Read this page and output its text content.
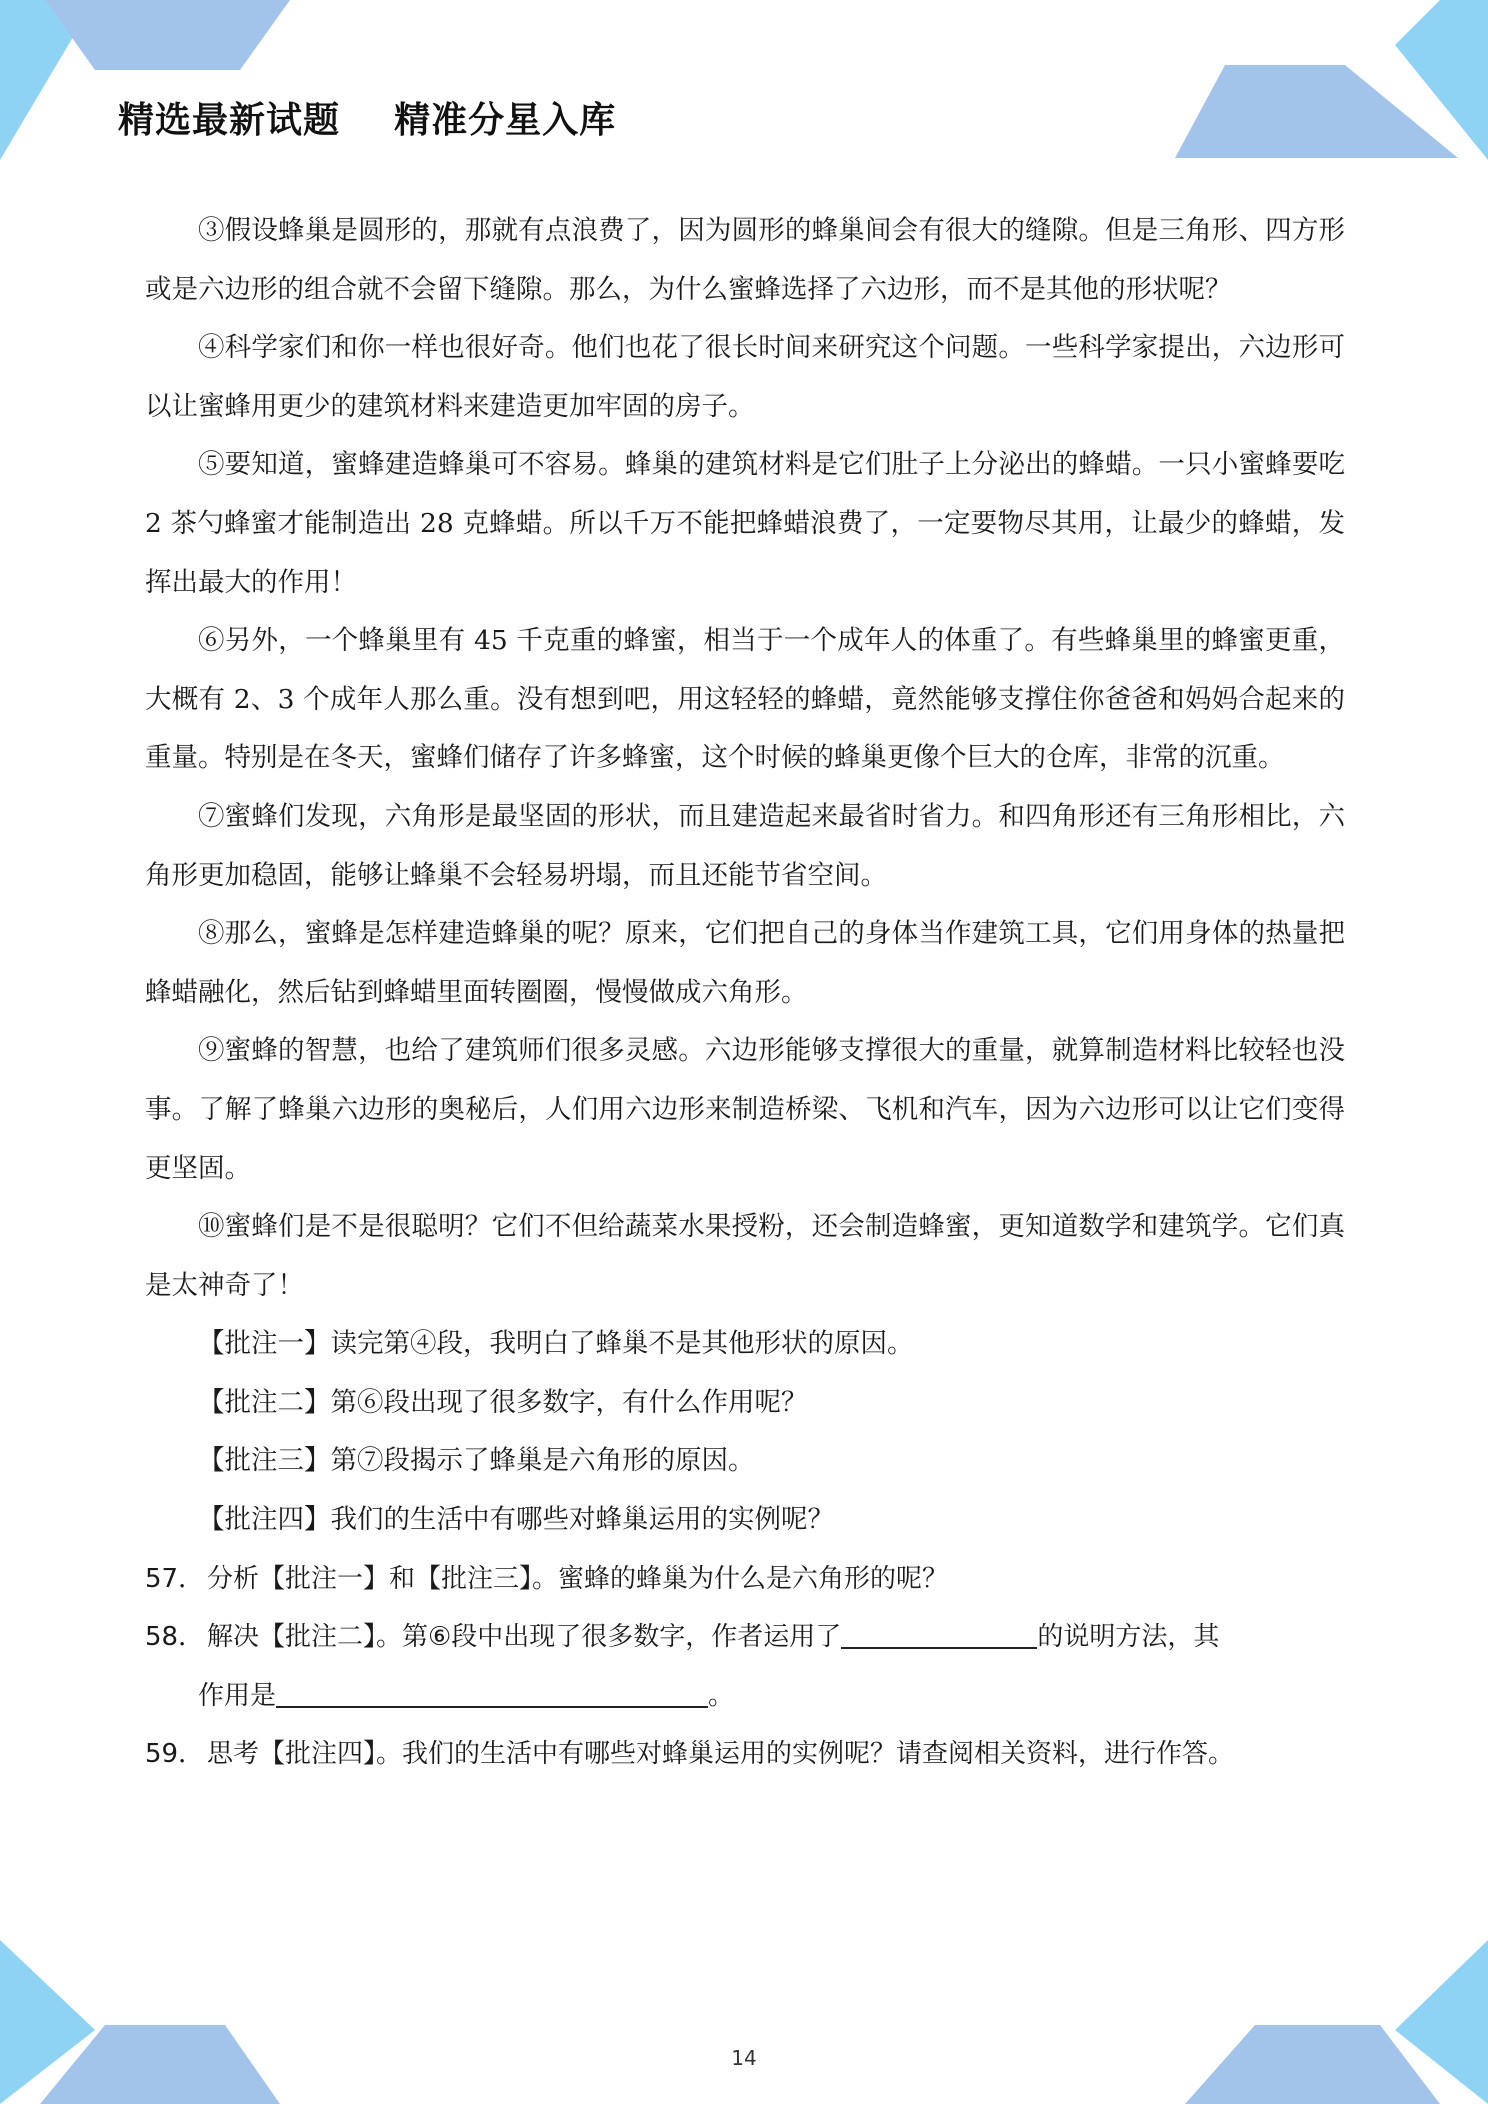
精选最新试题    精准分星入库

③假设蜂巢是圆形的，那就有点浪费了，因为圆形的蜂巢间会有很大的缝隙。但是三角形、四方形或是六边形的组合就不会留下缝隙。那么，为什么蜜蜂选择了六边形，而不是其他的形状呢？

④科学家们和你一样也很好奇。他们也花了很长时间来研究这个问题。一些科学家提出，六边形可以让蜜蜂用更少的建筑材料来建造更加牢固的房子。

⑤要知道，蜜蜂建造蜂巢可不容易。蜂巢的建筑材料是它们肚子上分泌出的蜂蜡。一只小蜜蜂要吃 2 茶勺蜂蜜才能制造出 28 克蜂蜡。所以千万不能把蜂蜡浪费了，一定要物尽其用，让最少的蜂蜡，发挥出最大的作用！

⑥另外，一个蜂巢里有 45 千克重的蜂蜜，相当于一个成年人的体重了。有些蜂巢里的蜂蜜更重，大概有 2、3 个成年人那么重。没有想到吧，用这轻轻的蜂蜡，竟然能够支撑住你爸爸和妈妈合起来的重量。特别是在冬天，蜜蜂们储存了许多蜂蜜，这个时候的蜂巢更像个巨大的仓库，非常的沉重。

⑦蜜蜂们发现，六角形是最坚固的形状，而且建造起来最省时省力。和四角形还有三角形相比，六角形更加稳固，能够让蜂巢不会轻易坍塌，而且还能节省空间。

⑧那么，蜜蜂是怎样建造蜂巢的呢？原来，它们把自己的身体当作建筑工具，它们用身体的热量把蜂蜡融化，然后钻到蜂蜡里面转圈圈，慢慢做成六角形。

⑨蜜蜂的智慧，也给了建筑师们很多灵感。六边形能够支撑很大的重量，就算制造材料比较轻也没事。了解了蜂巢六边形的奥秘后，人们用六边形来制造桥梁、飞机和汽车，因为六边形可以让它们变得更坚固。

⑩蜜蜂们是不是很聪明？它们不但给蔬菜水果授粉，还会制造蜂蜜，更知道数学和建筑学。它们真是太神奇了！

【批注一】读完第④段，我明白了蜂巢不是其他形状的原因。

【批注二】第⑥段出现了很多数字，有什么作用呢？

【批注三】第⑦段揭示了蜂巢是六角形的原因。

【批注四】我们的生活中有哪些对蜂巢运用的实例呢？

57． 分析【批注一】和【批注三】。蜜蜂的蜂巢为什么是六角形的呢？

58． 解决【批注二】。第⑥段中出现了很多数字，作者运用了	的说明方法，其

作用是	。

59． 思考【批注四】。我们的生活中有哪些对蜂巢运用的实例呢？请查阅相关资料，进行作答。

14
